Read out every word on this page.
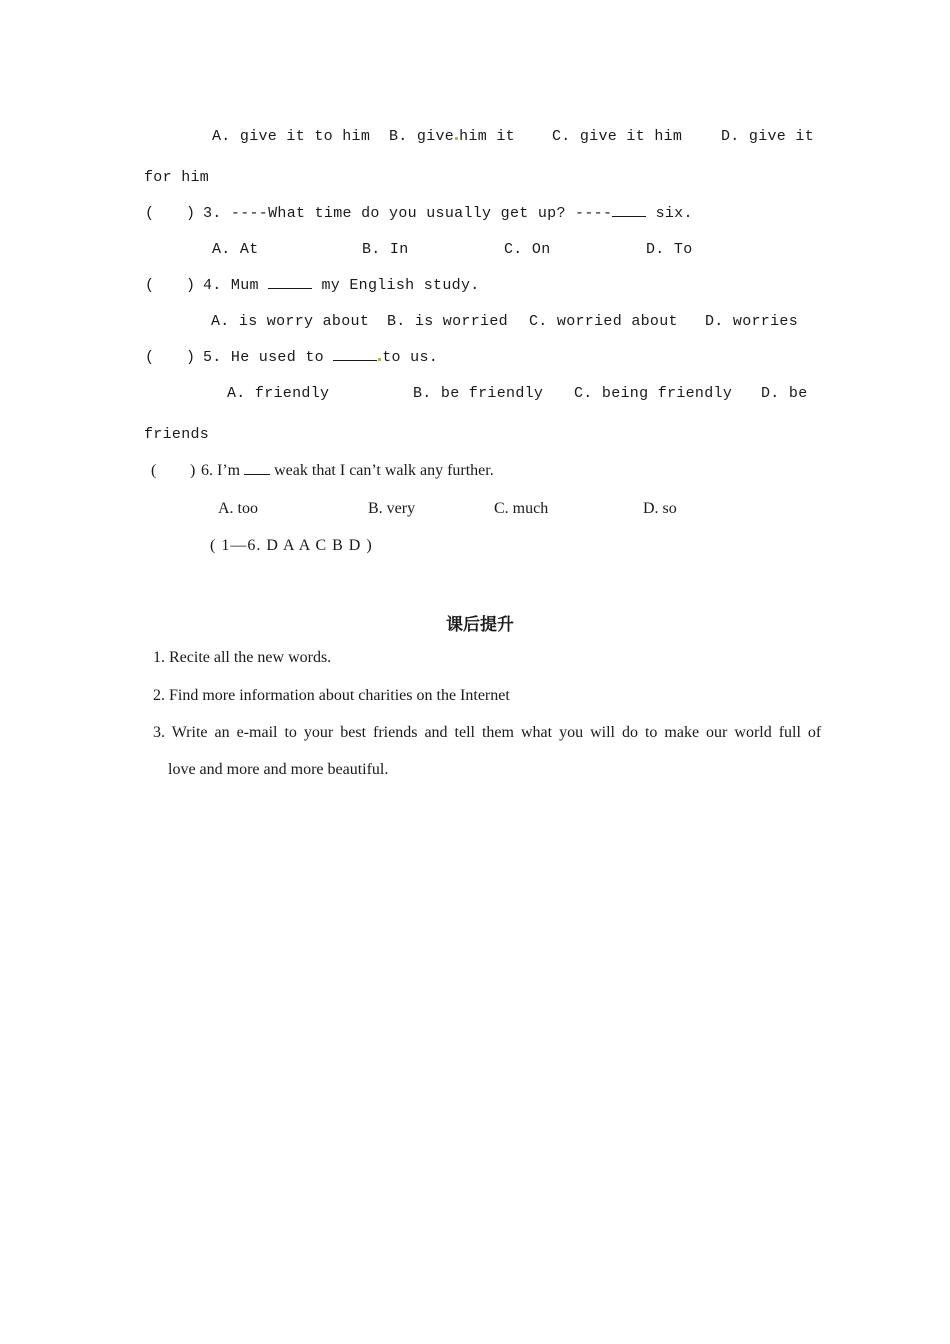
A. give it to him B. give him it C. give it him	D. give it
for him
( ) 3. ----What time do you usually get up? ----	six.
A. At	B. In	C. On	D. To
( ) 4. Mum	my English study.
A. is worry about B. is worried C. worried about D. worries
( ) 5. He used to	to us.
A. friendly	B. be friendly C. being friendly D. be
friends
( ) 6. I’m weak that I can’t walk any further.
A. too	B. very	C. much	D. so
( 1—6. D A A C B D )
课后提升
1. Recite all the new words.
2. Find more information about charities on the Internet
3. Write an e-mail to your best friends and tell them what you will do to make our world full of
love and more and more beautiful.
